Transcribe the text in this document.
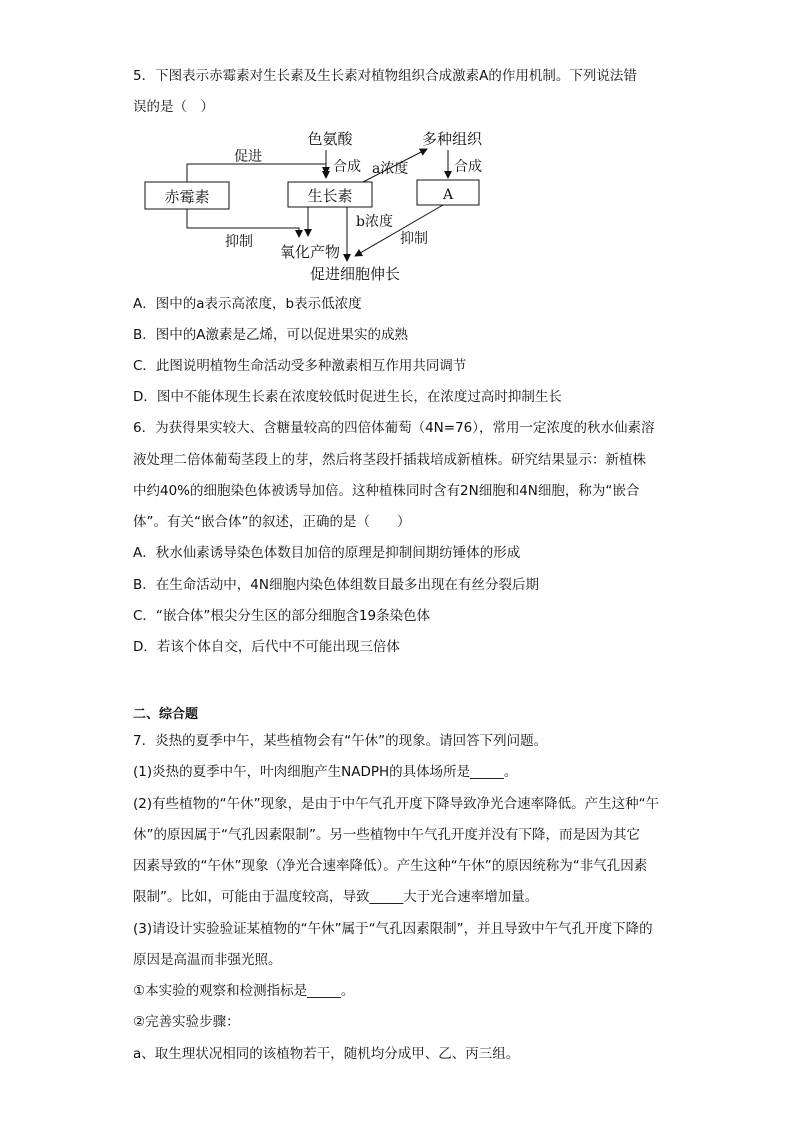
5．下图表示赤霉素对生长素及生长素对植物组织合成激素A的作用机制。下列说法错
误的是（　）
赤霉素	生长素	A
色氨酸	多种组织
促进
合成 a浓度	合成
抑制
b浓度
抑制
氧化产物
促进细胞伸长
A．图中的a表示高浓度，b表示低浓度
B．图中的A激素是乙烯，可以促进果实的成熟
C．此图说明植物生命活动受多种激素相互作用共同调节
D．图中不能体现生长素在浓度较低时促进生长，在浓度过高时抑制生长
6．为获得果实较大、含糖量较高的四倍体葡萄（4N=76），常用一定浓度的秋水仙素溶
液处理二倍体葡萄茎段上的芽，然后将茎段扦插栽培成新植株。研究结果显示：新植株
中约40%的细胞染色体被诱导加倍。这种植株同时含有2N细胞和4N细胞，称为“嵌合
体”。有关“嵌合体”的叙述，正确的是（　　）
A．秋水仙素诱导染色体数目加倍的原理是抑制间期纺锤体的形成
B．在生命活动中，4N细胞内染色体组数目最多出现在有丝分裂后期
C．“嵌合体”根尖分生区的部分细胞含19条染色体
D．若该个体自交，后代中不可能出现三倍体
二、综合题
7．炎热的夏季中午，某些植物会有“午休”的现象。请回答下列问题。
(1)炎热的夏季中午，叶肉细胞产生NADPH的具体场所是_____。
(2)有些植物的“午休”现象，是由于中午气孔开度下降导致净光合速率降低。产生这种“午
休”的原因属于“气孔因素限制”。另一些植物中午气孔开度并没有下降，而是因为其它
因素导致的“午休”现象（净光合速率降低）。产生这种“午休”的原因统称为“非气孔因素
限制”。比如，可能由于温度较高，导致_____大于光合速率增加量。
(3)请设计实验验证某植物的“午休”属于“气孔因素限制”，并且导致中午气孔开度下降的
原因是高温而非强光照。
①本实验的观察和检测指标是_____。
②完善实验步骤：
a、取生理状况相同的该植物若干，随机均分成甲、乙、丙三组。
